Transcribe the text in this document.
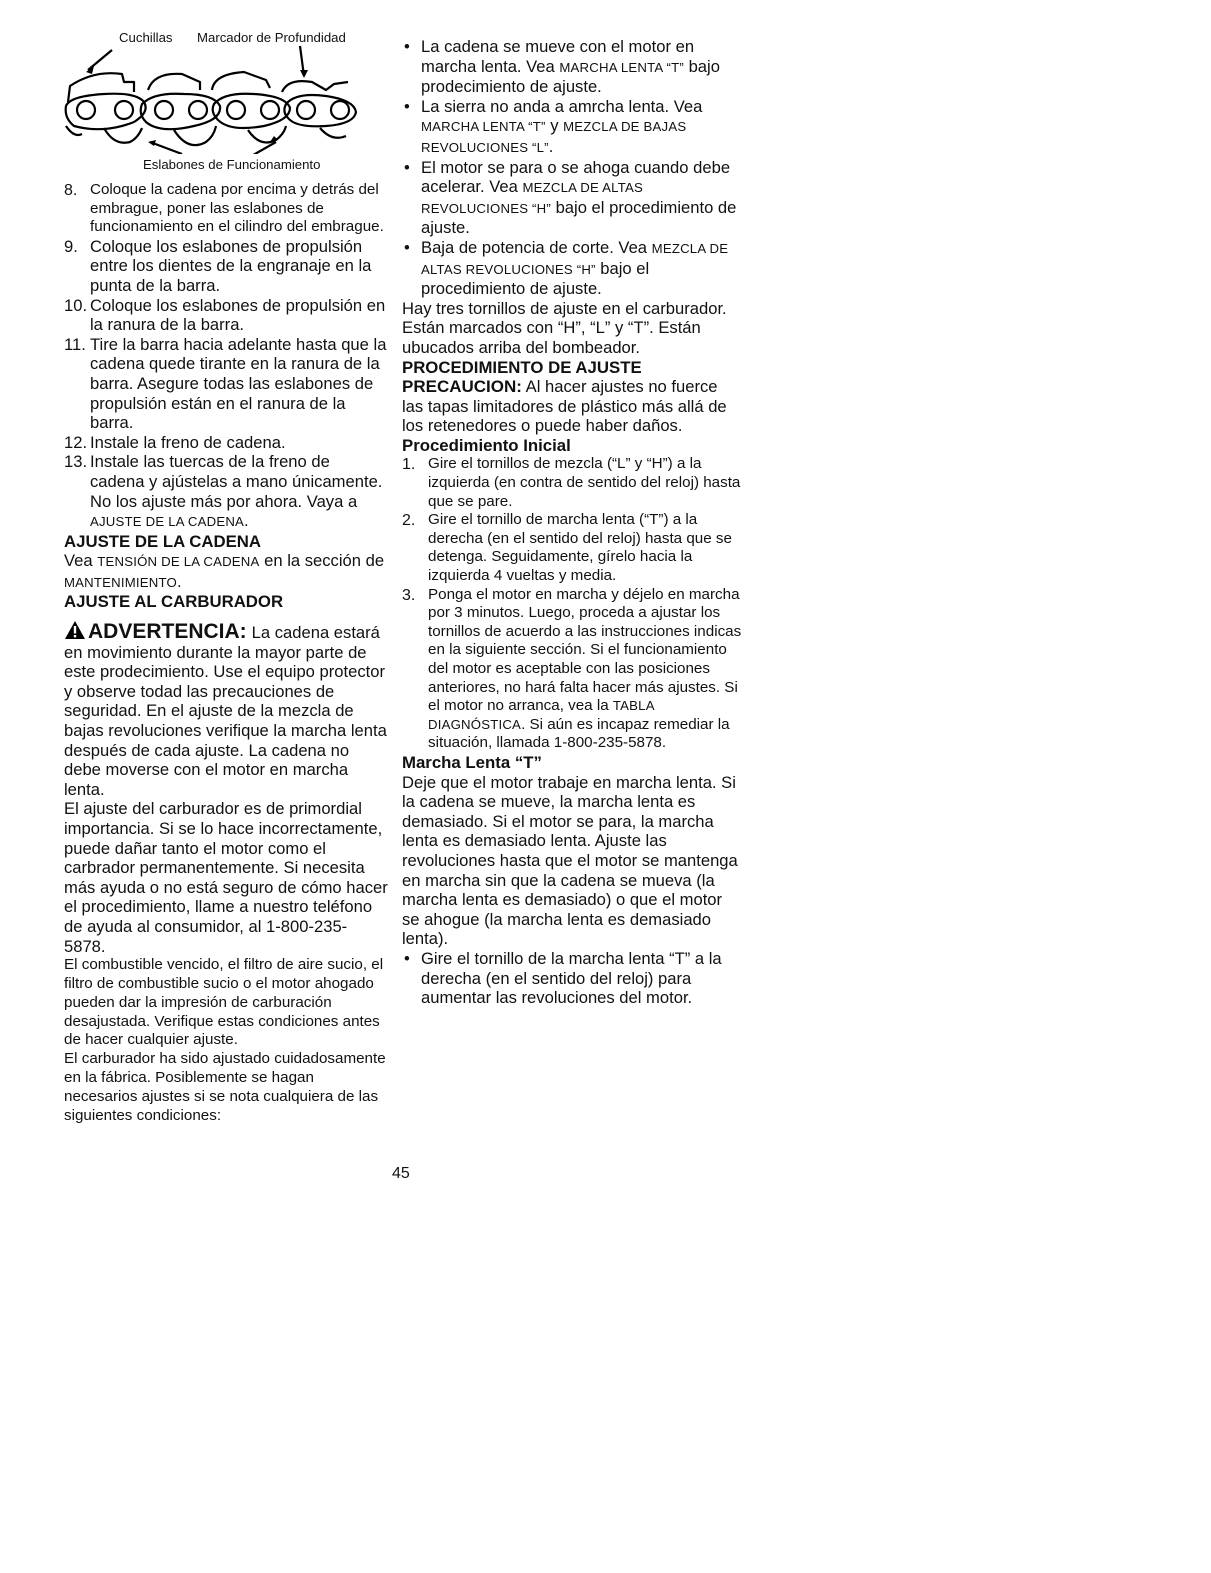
Cuchillas Marcador de Profundidad
Eslabones de Funcionamiento
8. Coloque la cadena por encima y detrás del embrague, poner las eslabones de funcionamiento en el cilindro del embrague.
9. Coloque los eslabones de propulsión entre los dientes de la engranaje en la punta de la barra.
10. Coloque los eslabones de propulsión en la ranura de la barra.
11. Tire la barra hacia adelante hasta que la cadena quede tirante en la ranura de la barra. Asegure todas las eslabones de propulsión están en el ranura de la barra.
12. Instale la freno de cadena.
13. Instale las tuercas de la freno de cadena y ajústelas a mano únicamente. No los ajuste más por ahora. Vaya a AJUSTE DE LA CADENA.

AJUSTE DE LA CADENA

Vea TENSIÓN DE LA CADENA en la sección de MANTENIMIENTO.

AJUSTE AL CARBURADOR

ADVERTENCIA: La cadena estará en movimiento durante la mayor parte de este prodecimiento. Use el equipo protector y observe todad las precauciones de seguridad. En el ajuste de la mezcla de bajas revoluciones verifique la marcha lenta después de cada ajuste. La cadena no debe moverse con el motor en marcha lenta.

El ajuste del carburador es de primordial importancia. Si se lo hace incorrectamente, puede dañar tanto el motor como el carbrador permanentemente. Si necesita más ayuda o no está seguro de cómo hacer el procedimiento, llame a nuestro teléfono de ayuda al consumidor, al 1-800-235-5878.

El combustible vencido, el filtro de aire sucio, el filtro de combustible sucio o el motor ahogado pueden dar la impresión de carburación desajustada. Verifique estas condiciones antes de hacer cualquier ajuste.

El carburador ha sido ajustado cuidadosamente en la fábrica. Posiblemente se hagan necesarios ajustes si se nota cualquiera de las siguientes condiciones:

• La cadena se mueve con el motor en marcha lenta. Vea MARCHA LENTA “T” bajo prodecimiento de ajuste.
• La sierra no anda a amrcha lenta. Vea MARCHA LENTA “T” y MEZCLA DE BAJAS REVOLUCIONES “L”.
• El motor se para o se ahoga cuando debe acelerar. Vea MEZCLA DE ALTAS REVOLUCIONES “H” bajo el procedimiento de ajuste.
• Baja de potencia de corte. Vea MEZCLA DE ALTAS REVOLUCIONES “H” bajo el procedimiento de ajuste.

Hay tres tornillos de ajuste en el carburador. Están marcados con “H”, “L” y “T”. Están ubucados arriba del bombeador.

PROCEDIMIENTO DE AJUSTE

PRECAUCION: Al hacer ajustes no fuerce las tapas limitadores de plástico más allá de los retenedores o puede haber daños.

Procedimiento Inicial

1. Gire el tornillos de mezcla (“L” y “H”) a la izquierda (en contra de sentido del reloj) hasta que se pare.
2. Gire el tornillo de marcha lenta (“T”) a la derecha (en el sentido del reloj) hasta que se detenga. Seguidamente, gírelo hacia la izquierda 4 vueltas y media.
3. Ponga el motor en marcha y déjelo en marcha por 3 minutos. Luego, proceda a ajustar los tornillos de acuerdo a las instrucciones indicas en la siguiente sección. Si el funcionamiento del motor es aceptable con las posiciones anteriores, no hará falta hacer más ajustes. Si el motor no arranca, vea la TABLA DIAGNÓSTICA. Si aún es incapaz remediar la situación, llamada 1-800-235-5878.

Marcha Lenta “T”

Deje que el motor trabaje en marcha lenta. Si la cadena se mueve, la marcha lenta es demasiado. Si el motor se para, la marcha lenta es demasiado lenta. Ajuste las revoluciones hasta que el motor se mantenga en marcha sin que la cadena se mueva (la marcha lenta es demasiado) o que el motor se ahogue (la marcha lenta es demasiado lenta).

• Gire el tornillo de la marcha lenta “T” a la derecha (en el sentido del reloj) para aumentar las revoluciones del motor.
45
